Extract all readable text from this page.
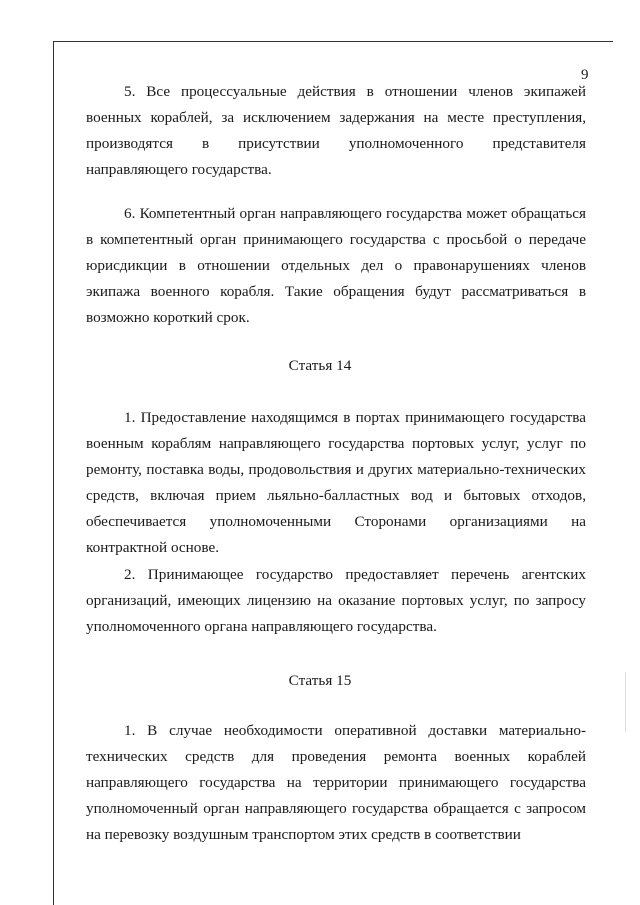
9

5. Все процессуальные действия в отношении членов экипажей военных кораблей, за исключением задержания на месте преступления, производятся в присутствии уполномоченного представителя направляющего государства.

6. Компетентный орган направляющего государства может обращаться в компетентный орган принимающего государства с просьбой о передаче юрисдикции в отношении отдельных дел о правонарушениях членов экипажа военного корабля. Такие обращения будут рассматриваться в возможно короткий срок.

Статья 14

1. Предоставление находящимся в портах принимающего государства военным кораблям направляющего государства портовых услуг, услуг по ремонту, поставка воды, продовольствия и других материально-технических средств, включая прием льяльно-балластных вод и бытовых отходов, обеспечивается уполномоченными Сторонами организациями на контрактной основе.

2. Принимающее государство предоставляет перечень агентских организаций, имеющих лицензию на оказание портовых услуг, по запросу уполномоченного органа направляющего государства.

Статья 15

1. В случае необходимости оперативной доставки материально-технических средств для проведения ремонта военных кораблей направляющего государства на территории принимающего государства уполномоченный орган направляющего государства обращается с запросом на перевозку воздушным транспортом этих средств в соответствии
